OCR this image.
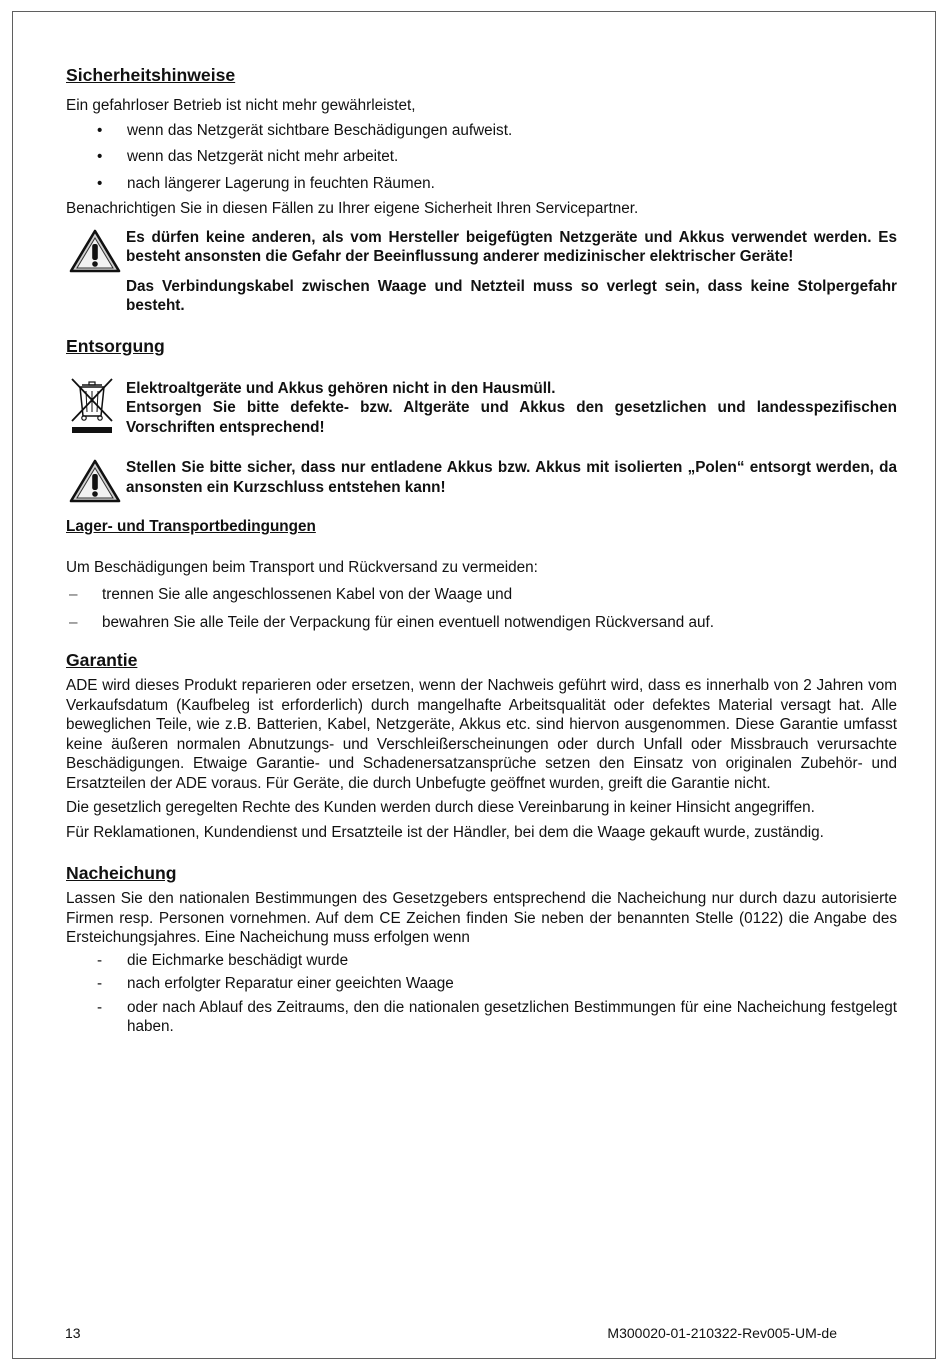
Sicherheitshinweise

Ein gefahrloser Betrieb ist nicht mehr gewährleistet,

• wenn das Netzgerät sichtbare Beschädigungen aufweist.
• wenn das Netzgerät nicht mehr arbeitet.
• nach längerer Lagerung in feuchten Räumen.

Benachrichtigen Sie in diesen Fällen zu Ihrer eigene Sicherheit Ihren Servicepartner.

Es dürfen keine anderen, als vom Hersteller beigefügten Netzgeräte und Akkus verwendet werden. Es besteht ansonsten die Gefahr der Beeinflussung anderer medizinischer elektrischer Geräte!

Das Verbindungskabel zwischen Waage und Netzteil muss so verlegt sein, dass keine Stolpergefahr besteht.

Entsorgung

Elektroaltgeräte und Akkus gehören nicht in den Hausmüll.

Entsorgen Sie bitte defekte- bzw. Altgeräte und Akkus den gesetzlichen und landesspezifischen Vorschriften entsprechend!

Stellen Sie bitte sicher, dass nur entladene Akkus bzw. Akkus mit isolierten „Polen“ entsorgt werden, da ansonsten ein Kurzschluss entstehen kann!

Lager- und Transportbedingungen

Um Beschädigungen beim Transport und Rückversand zu vermeiden:

– trennen Sie alle angeschlossenen Kabel von der Waage und
– bewahren Sie alle Teile der Verpackung für einen eventuell notwendigen Rückversand auf.
Garantie

ADE wird dieses Produkt reparieren oder ersetzen, wenn der Nachweis geführt wird, dass es innerhalb von 2 Jahren vom Verkaufsdatum (Kaufbeleg ist erforderlich) durch mangelhafte Arbeitsqualität oder defektes Material versagt hat. Alle beweglichen Teile, wie z.B. Batterien, Kabel, Netzgeräte, Akkus etc. sind hiervon ausgenommen. Diese Garantie umfasst keine äußeren normalen Abnutzungs- und Verschleißerscheinungen oder durch Unfall oder Missbrauch verursachte Beschädigungen. Etwaige Garantie- und Schadenersatzansprüche setzen den Einsatz von originalen Zubehör- und Ersatzteilen der ADE voraus. Für Geräte, die durch Unbefugte geöffnet wurden, greift die Garantie nicht.

Die gesetzlich geregelten Rechte des Kunden werden durch diese Vereinbarung in keiner Hinsicht angegriffen.

Für Reklamationen, Kundendienst und Ersatzteile ist der Händler, bei dem die Waage gekauft wurde, zuständig.

Nacheichung

Lassen Sie den nationalen Bestimmungen des Gesetzgebers entsprechend die Nacheichung nur durch dazu autorisierte Firmen resp. Personen vornehmen. Auf dem CE Zeichen finden Sie neben der benannten Stelle (0122) die Angabe des Ersteichungsjahres. Eine Nacheichung muss erfolgen wenn

- die Eichmarke beschädigt wurde
- nach erfolgter Reparatur einer geeichten Waage
- oder nach Ablauf des Zeitraums, den die nationalen gesetzlichen Bestimmungen für eine Nacheichung festgelegt haben.
13	M300020-01-210322-Rev005-UM-de
